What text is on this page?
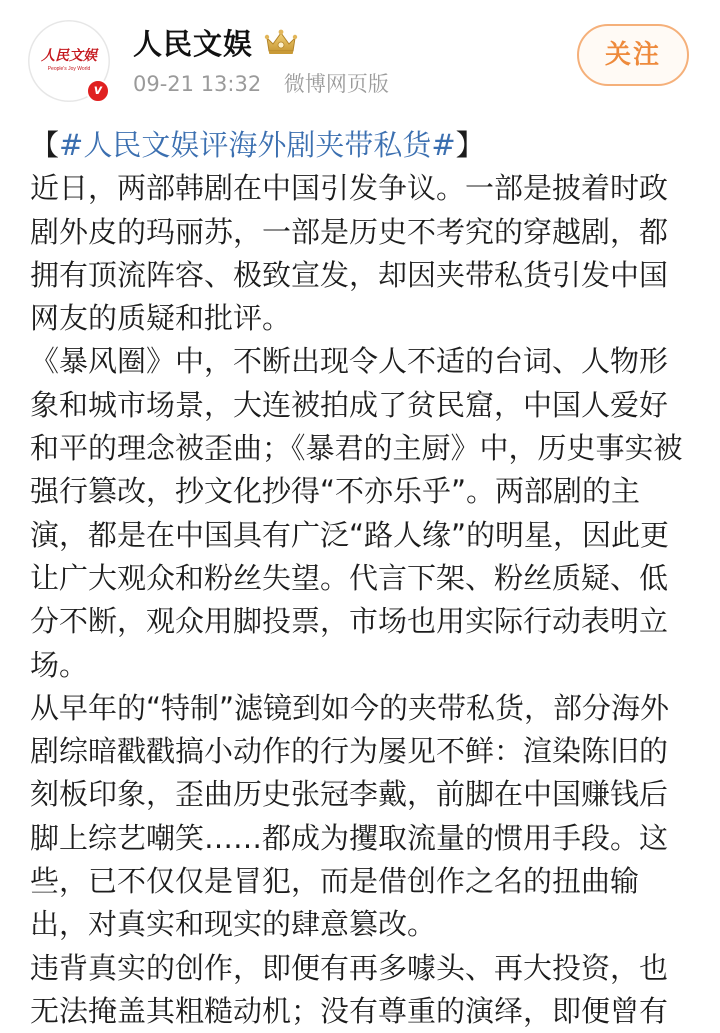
人民文娱
People's Joy World
v
人民文娱
09-21 13:32 微博网页版
关注
【#人民文娱评海外剧夹带私货#】

近日，两部韩剧在中国引发争议。一部是披着时政剧外皮的玛丽苏，一部是历史不考究的穿越剧，都拥有顶流阵容、极致宣发，却因夹带私货引发中国网友的质疑和批评。

《暴风圈》中，不断出现令人不适的台词、人物形象和城市场景，大连被拍成了贫民窟，中国人爱好和平的理念被歪曲；《暴君的主厨》中，历史事实被强行篡改，抄文化抄得“不亦乐乎”。两部剧的主演，都是在中国具有广泛“路人缘”的明星，因此更让广大观众和粉丝失望。代言下架、粉丝质疑、低分不断，观众用脚投票，市场也用实际行动表明立场。

从早年的“特制”滤镜到如今的夹带私货，部分海外剧综暗戳戳搞小动作的行为屡见不鲜：渲染陈旧的刻板印象，歪曲历史张冠李戴，前脚在中国赚钱后脚上综艺嘲笑……都成为攫取流量的惯用手段。这些，已不仅仅是冒犯，而是借创作之名的扭曲输出，对真实和现实的肆意篡改。

违背真实的创作，即便有再多噱头、再大投资，也无法掩盖其粗糙动机；没有尊重的演绎，即便曾有
